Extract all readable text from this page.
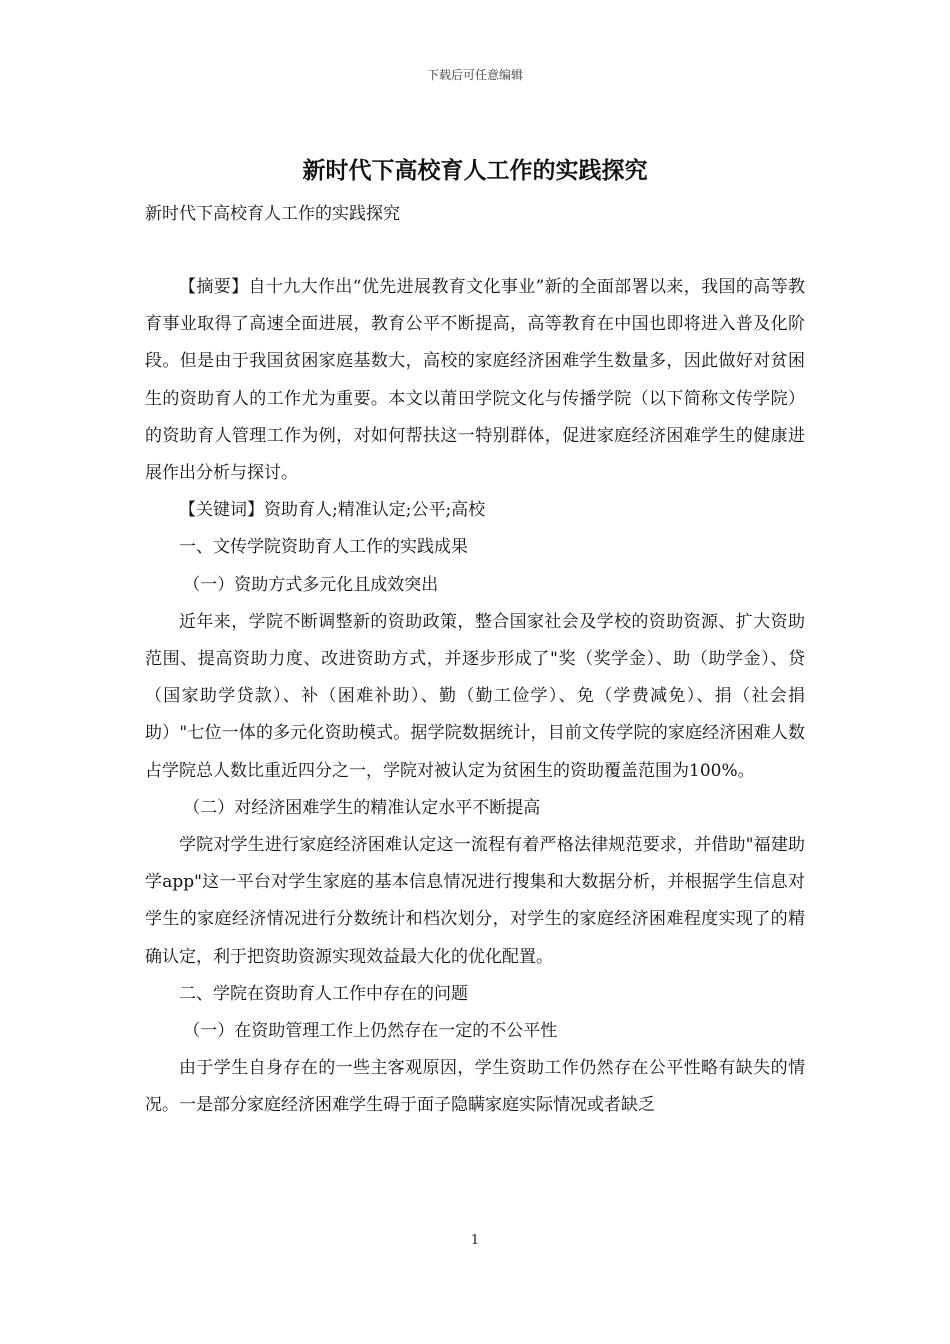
下载后可任意编辑
新时代下高校育人工作的实践探究
新时代下高校育人工作的实践探究

【摘要】自十九大作出“优先进展教育文化事业”新的全面部署以来，我国的高等教育事业取得了高速全面进展，教育公平不断提高，高等教育在中国也即将进入普及化阶段。但是由于我国贫困家庭基数大，高校的家庭经济困难学生数量多，因此做好对贫困生的资助育人的工作尤为重要。本文以莆田学院文化与传播学院（以下简称文传学院）的资助育人管理工作为例，对如何帮扶这一特别群体，促进家庭经济困难学生的健康进展作出分析与探讨。

【关键词】资助育人;精准认定;公平;高校

一、文传学院资助育人工作的实践成果

（一）资助方式多元化且成效突出

近年来，学院不断调整新的资助政策，整合国家社会及学校的资助资源、扩大资助范围、提高资助力度、改进资助方式，并逐步形成了"奖（奖学金）、助（助学金）、贷（国家助学贷款）、补（困难补助）、勤（勤工俭学）、免（学费减免）、捐（社会捐助）"七位一体的多元化资助模式。据学院数据统计，目前文传学院的家庭经济困难人数占学院总人数比重近四分之一，学院对被认定为贫困生的资助覆盖范围为100%。

（二）对经济困难学生的精准认定水平不断提高

学院对学生进行家庭经济困难认定这一流程有着严格法律规范要求，并借助"福建助学app"这一平台对学生家庭的基本信息情况进行搜集和大数据分析，并根据学生信息对学生的家庭经济情况进行分数统计和档次划分，对学生的家庭经济困难程度实现了的精确认定，利于把资助资源实现效益最大化的优化配置。

二、学院在资助育人工作中存在的问题

（一）在资助管理工作上仍然存在一定的不公平性

由于学生自身存在的一些主客观原因，学生资助工作仍然存在公平性略有缺失的情况。一是部分家庭经济困难学生碍于面子隐瞒家庭实际情况或者缺乏

1
